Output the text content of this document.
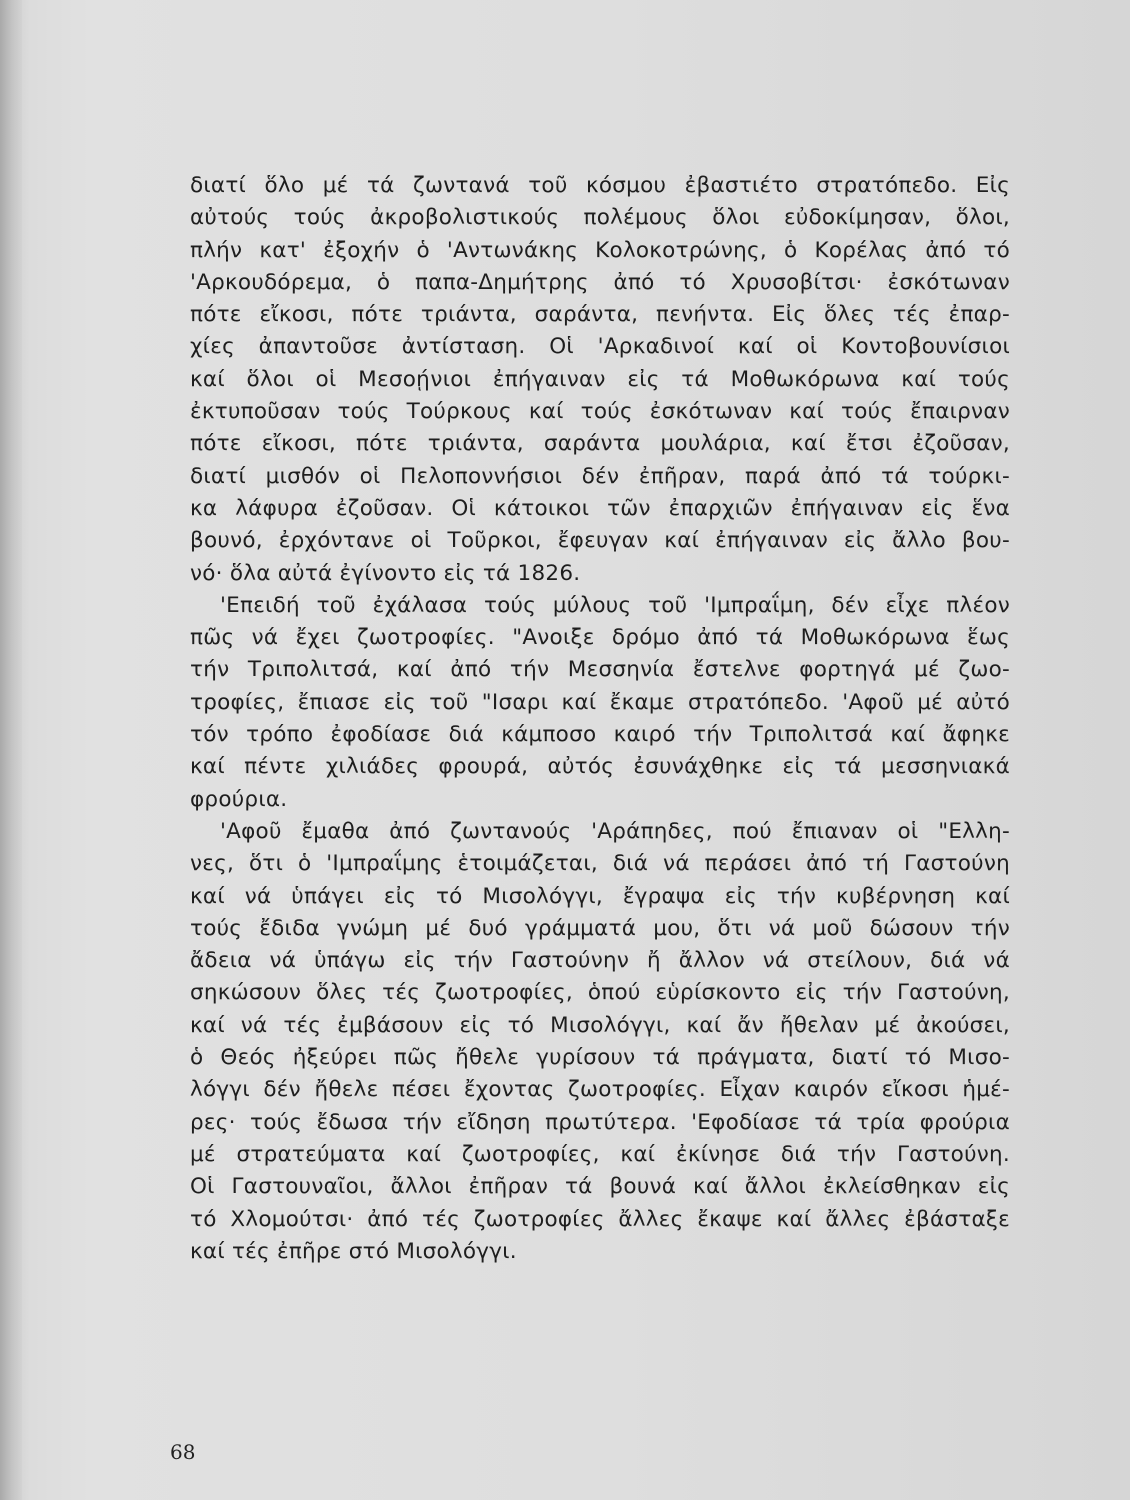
διατί ὅλο μέ τά ζωντανά τοῦ κόσμου ἐβαστιέτο στρατόπεδο. Εἰς
αὐτούς τούς ἀκροβολιστικούς πολέμους ὅλοι εὐδοκίμησαν, ὅλοι,
πλήν κατ' ἐξοχήν ὁ 'Αντωνάκης Κολοκοτρώνης, ὁ Κορέλας ἀπό τό
'Αρκουδόρεμα, ὁ παπα-Δημήτρης ἀπό τό Χρυσοβίτσι· ἐσκότωναν
πότε εἴκοσι, πότε τριάντα, σαράντα, πενήντα. Εἰς ὅλες τές ἐπαρ-
χίες ἀπαντοῦσε ἀντίσταση. Οἱ 'Αρκαδινοί καί οἱ Κοντοβουνίσιοι
καί ὅλοι οἱ Μεσοῄνιοι ἐπήγαιναν εἰς τά Μοθωκόρωνα καί τούς
ἐκτυποῦσαν τούς Τούρκους καί τούς ἐσκότωναν καί τούς ἔπαιρναν
πότε εἴκοσι, πότε τριάντα, σαράντα μουλάρια, καί ἔτσι ἐζοῦσαν,
διατί μισθόν οἱ Πελοποννήσιοι δέν ἐπῆραν, παρά ἀπό τά τούρκι-
κα λάφυρα ἐζοῦσαν. Οἱ κάτοικοι τῶν ἐπαρχιῶν ἐπήγαιναν εἰς ἕνα
βουνό, ἐρχόντανε οἱ Τοῦρκοι, ἔφευγαν καί ἐπήγαιναν εἰς ἄλλο βου-
νό· ὅλα αὐτά ἐγίνοντο εἰς τά 1826.
'Επειδή τοῦ ἐχάλασα τούς μύλους τοῦ 'Ιμπραΐμη, δέν εἶχε πλέον
πῶς νά ἔχει ζωοτροφίες. "Ανοιξε δρόμο ἀπό τά Μοθωκόρωνα ἕως
τήν Τριπολιτσά, καί ἀπό τήν Μεσσηνία ἔστελνε φορτηγά μέ ζωο-
τροφίες, ἔπιασε εἰς τοῦ "Ισαρι καί ἔκαμε στρατόπεδο. 'Αφοῦ μέ αὐτό
τόν τρόπο ἐφοδίασε διά κάμποσο καιρό τήν Τριπολιτσά καί ἄφηκε
καί πέντε χιλιάδες φρουρά, αὐτός ἐσυνάχθηκε εἰς τά μεσσηνιακά
φρούρια.
'Αφοῦ ἔμαθα ἀπό ζωντανούς 'Αράπηδες, πού ἔπιαναν οἱ "Ελλη-
νες, ὅτι ὁ 'Ιμπραΐμης ἑτοιμάζεται, διά νά περάσει ἀπό τή Γαστούνη
καί νά ὑπάγει εἰς τό Μισολόγγι, ἔγραψα εἰς τήν κυβέρνηση καί
τούς ἔδιδα γνώμη μέ δυό γράμματά μου, ὅτι νά μοῦ δώσουν τήν
ἄδεια νά ὑπάγω εἰς τήν Γαστούνην ἤ ἄλλον νά στείλουν, διά νά
σηκώσουν ὅλες τές ζωοτροφίες, ὁπού εὑρίσκοντο εἰς τήν Γαστούνη,
καί νά τές ἐμβάσουν εἰς τό Μισολόγγι, καί ἄν ἤθελαν μέ ἀκούσει,
ὁ Θεός ἠξεύρει πῶς ἤθελε γυρίσουν τά πράγματα, διατί τό Μισο-
λόγγι δέν ἤθελε πέσει ἔχοντας ζωοτροφίες. Εἶχαν καιρόν εἴκοσι ἡμέ-
ρες· τούς ἔδωσα τήν εἴδηση πρωτύτερα. 'Εφοδίασε τά τρία φρούρια
μέ στρατεύματα καί ζωοτροφίες, καί ἐκίνησε διά τήν Γαστούνη.
Οἱ Γαστουναῖοι, ἄλλοι ἐπῆραν τά βουνά καί ἄλλοι ἐκλείσθηκαν εἰς
τό Χλομούτσι· ἀπό τές ζωοτροφίες ἄλλες ἔκαψε καί ἄλλες ἐβάσταξε
καί τές ἐπῆρε στό Μισολόγγι.
68
